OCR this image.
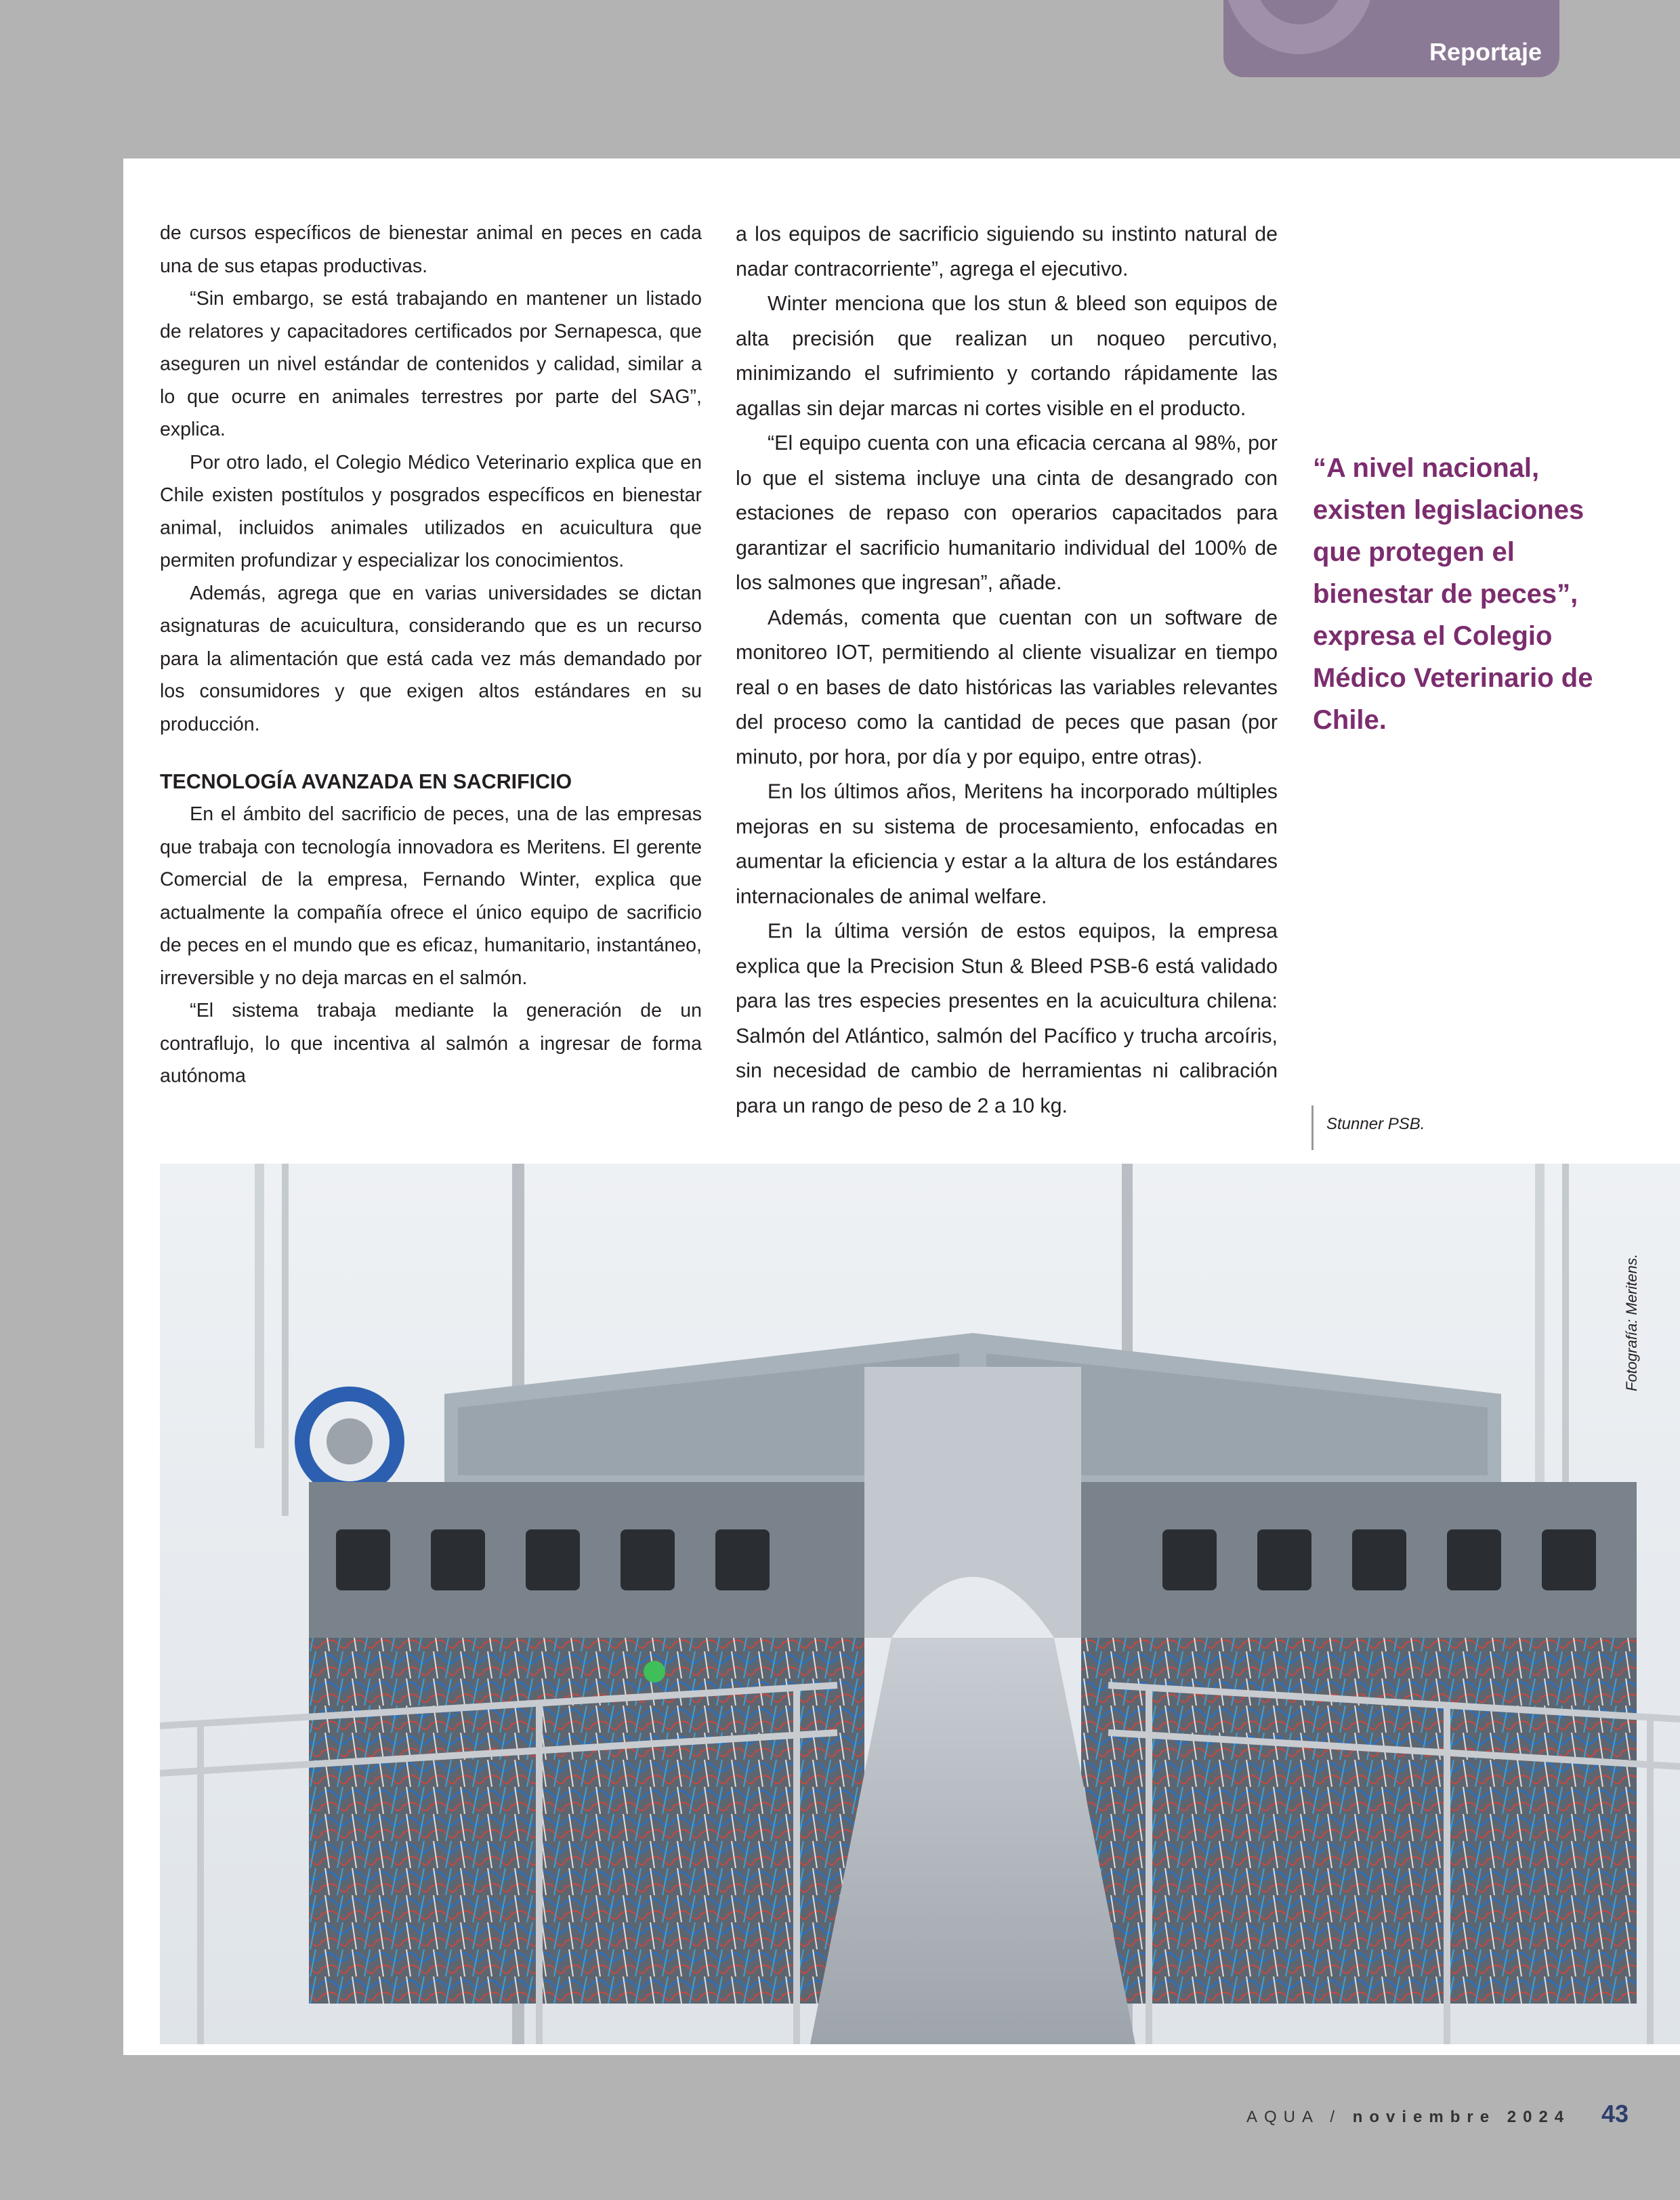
Reportaje

de cursos específicos de bienestar animal en peces en cada una de sus etapas productivas.

“Sin embargo, se está trabajando en mantener un listado de relatores y capacitadores certificados por Sernapesca, que aseguren un nivel estándar de contenidos y calidad, similar a lo que ocurre en animales terrestres por parte del SAG”, explica.

Por otro lado, el Colegio Médico Veterinario explica que en Chile existen postítulos y posgrados específicos en bienestar animal, incluidos animales utilizados en acuicultura que permiten profundizar y especializar los conocimientos.

Además, agrega que en varias universidades se dictan asignaturas de acuicultura, considerando que es un recurso para la alimentación que está cada vez más demandado por los consumidores y que exigen altos estándares en su producción.

TECNOLOGÍA AVANZADA EN SACRIFICIO

En el ámbito del sacrificio de peces, una de las empresas que trabaja con tecnología innovadora es Meritens. El gerente Comercial de la empresa, Fernando Winter, explica que actualmente la compañía ofrece el único equipo de sacrificio de peces en el mundo que es eficaz, humanitario, instantáneo, irreversible y no deja marcas en el salmón.

“El sistema trabaja mediante la generación de un contraflujo, lo que incentiva al salmón a ingresar de forma autónoma

a los equipos de sacrificio siguiendo su instinto natural de nadar contracorriente”, agrega el ejecutivo.

Winter menciona que los stun & bleed son equipos de alta precisión que realizan un noqueo percutivo, minimizando el sufrimiento y cortando rápidamente las agallas sin dejar marcas ni cortes visible en el producto.

“El equipo cuenta con una eficacia cercana al 98%, por lo que el sistema incluye una cinta de desangrado con estaciones de repaso con operarios capacitados para garantizar el sacrificio humanitario individual del 100% de los salmones que ingresan”, añade.

Además, comenta que cuentan con un software de monitoreo IOT, permitiendo al cliente visualizar en tiempo real o en bases de dato históricas las variables relevantes del proceso como la cantidad de peces que pasan (por minuto, por hora, por día y por equipo, entre otras).

En los últimos años, Meritens ha incorporado múltiples mejoras en su sistema de procesamiento, enfocadas en aumentar la eficiencia y estar a la altura de los estándares internacionales de animal welfare.

En la última versión de estos equipos, la empresa explica que la Precision Stun & Bleed PSB-6 está validado para las tres especies presentes en la acuicultura chilena: Salmón del Atlántico, salmón del Pacífico y trucha arcoíris, sin necesidad de cambio de herramientas ni calibración para un rango de peso de 2 a 10 kg.

“A nivel nacional, existen legislaciones que protegen el bienestar de peces”, expresa el Colegio Médico Veterinario de Chile.
Stunner PSB.
Fotografía: Meritens.
AQUA / noviembre 2024 43
